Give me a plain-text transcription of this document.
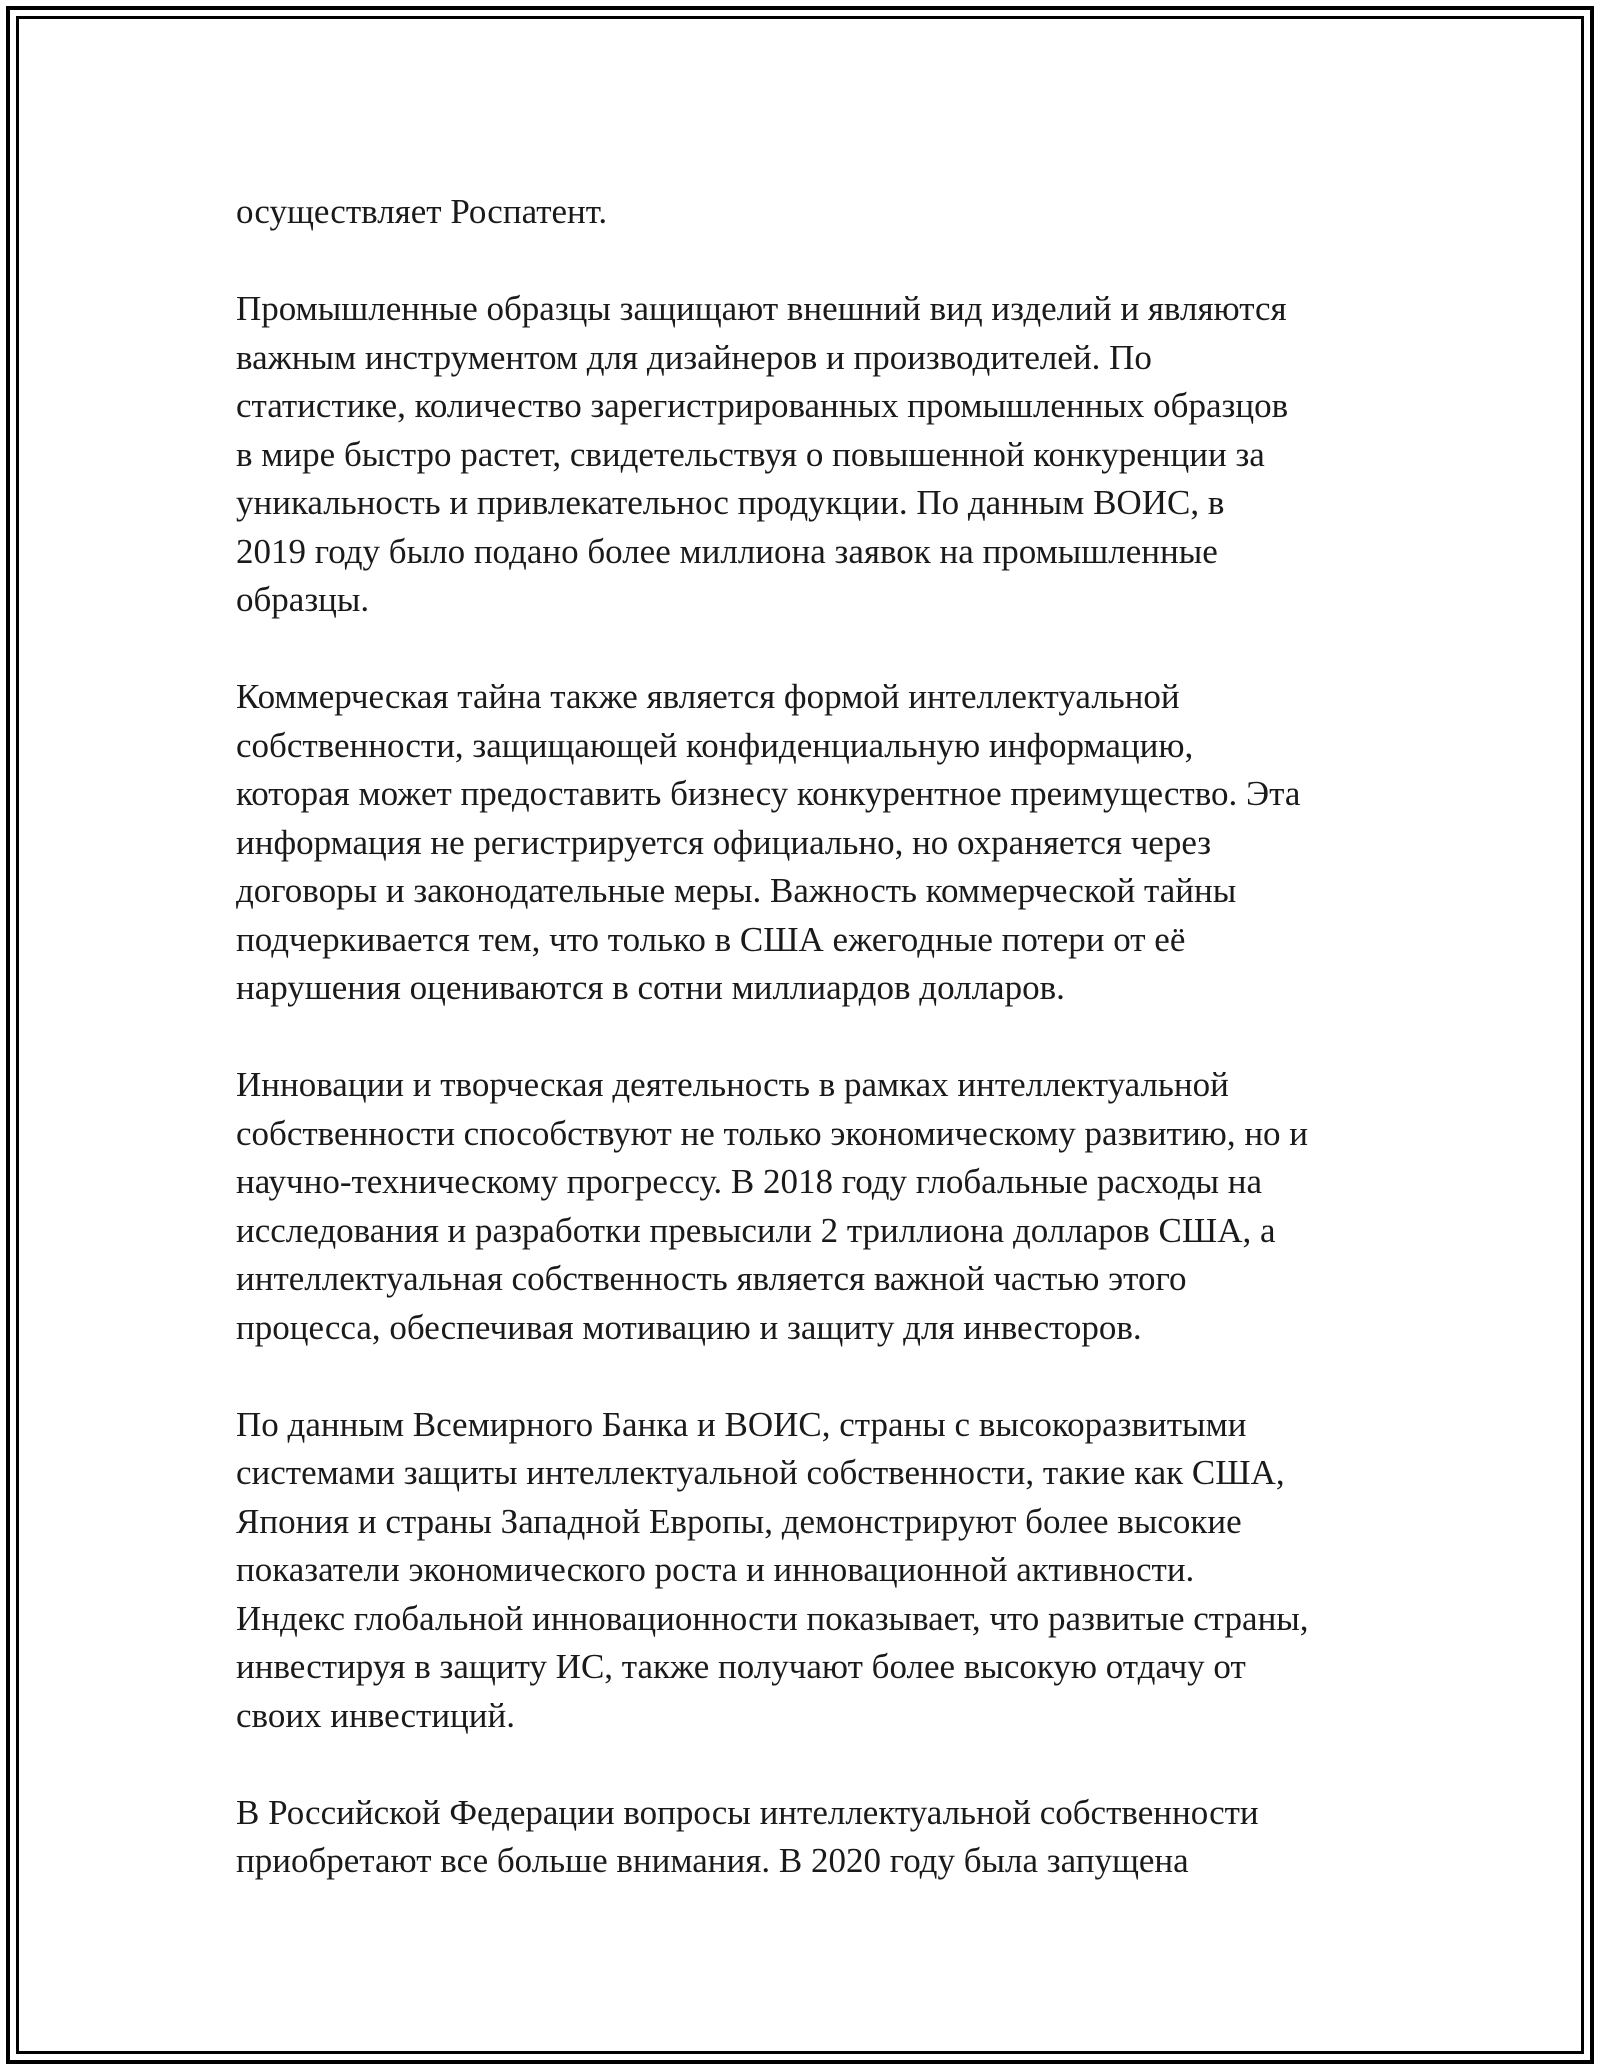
осуществляет Роспатент.

Промышленные образцы защищают внешний вид изделий и являются
важным инструментом для дизайнеров и производителей. По
статистике, количество зарегистрированных промышленных образцов
в мире быстро растет, свидетельствуя о повышенной конкуренции за
уникальность и привлекательнос продукции. По данным ВОИС, в
2019 году было подано более миллиона заявок на промышленные
образцы.

Коммерческая тайна также является формой интеллектуальной
собственности, защищающей конфиденциальную информацию,
которая может предоставить бизнесу конкурентное преимущество. Эта
информация не регистрируется официально, но охраняется через
договоры и законодательные меры. Важность коммерческой тайны
подчеркивается тем, что только в США ежегодные потери от её
нарушения оцениваются в сотни миллиардов долларов.

Инновации и творческая деятельность в рамках интеллектуальной
собственности способствуют не только экономическому развитию, но и
научно-техническому прогрессу. В 2018 году глобальные расходы на
исследования и разработки превысили 2 триллиона долларов США, а
интеллектуальная собственность является важной частью этого
процесса, обеспечивая мотивацию и защиту для инвесторов.

По данным Всемирного Банка и ВОИС, страны с высокоразвитыми
системами защиты интеллектуальной собственности, такие как США,
Япония и страны Западной Европы, демонстрируют более высокие
показатели экономического роста и инновационной активности.
Индекс глобальной инновационности показывает, что развитые страны,
инвестируя в защиту ИС, также получают более высокую отдачу от
своих инвестиций.

В Российской Федерации вопросы интеллектуальной собственности
приобретают все больше внимания. В 2020 году была запущена
